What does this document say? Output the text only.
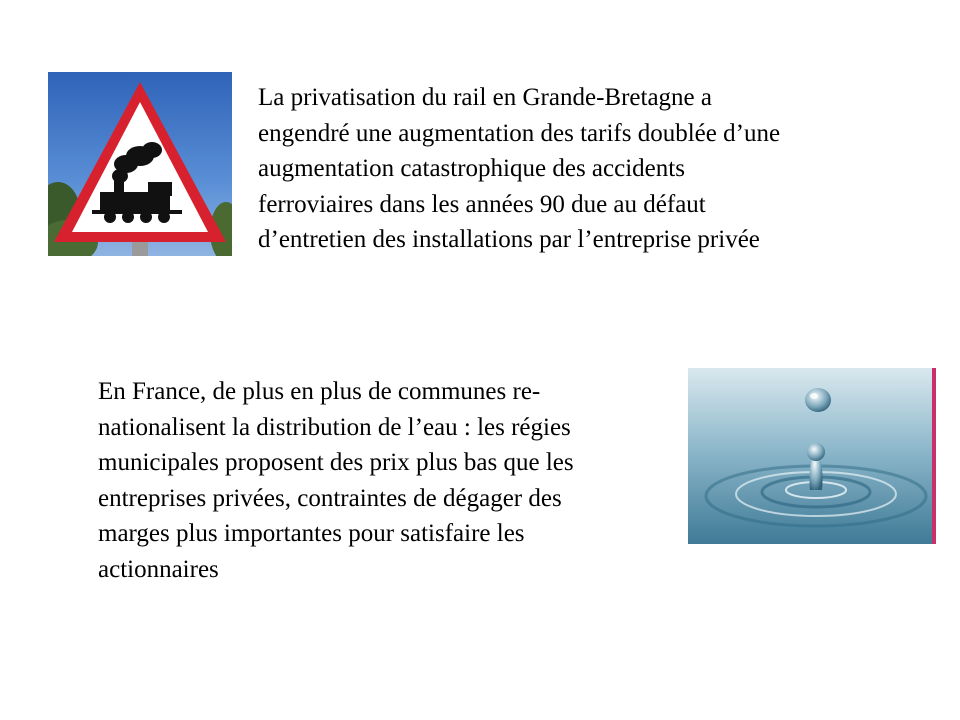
La privatisation du rail en Grande-Bretagne a
engendré une augmentation des tarifs doublée d’une
augmentation catastrophique des accidents
ferroviaires dans les années 90 due au défaut
d’entretien des installations par l’entreprise privée
En France, de plus en plus de communes re-
nationalisent la distribution de l’eau : les régies
municipales proposent des prix plus bas que les
entreprises privées, contraintes de dégager des
marges plus importantes pour satisfaire les
actionnaires
